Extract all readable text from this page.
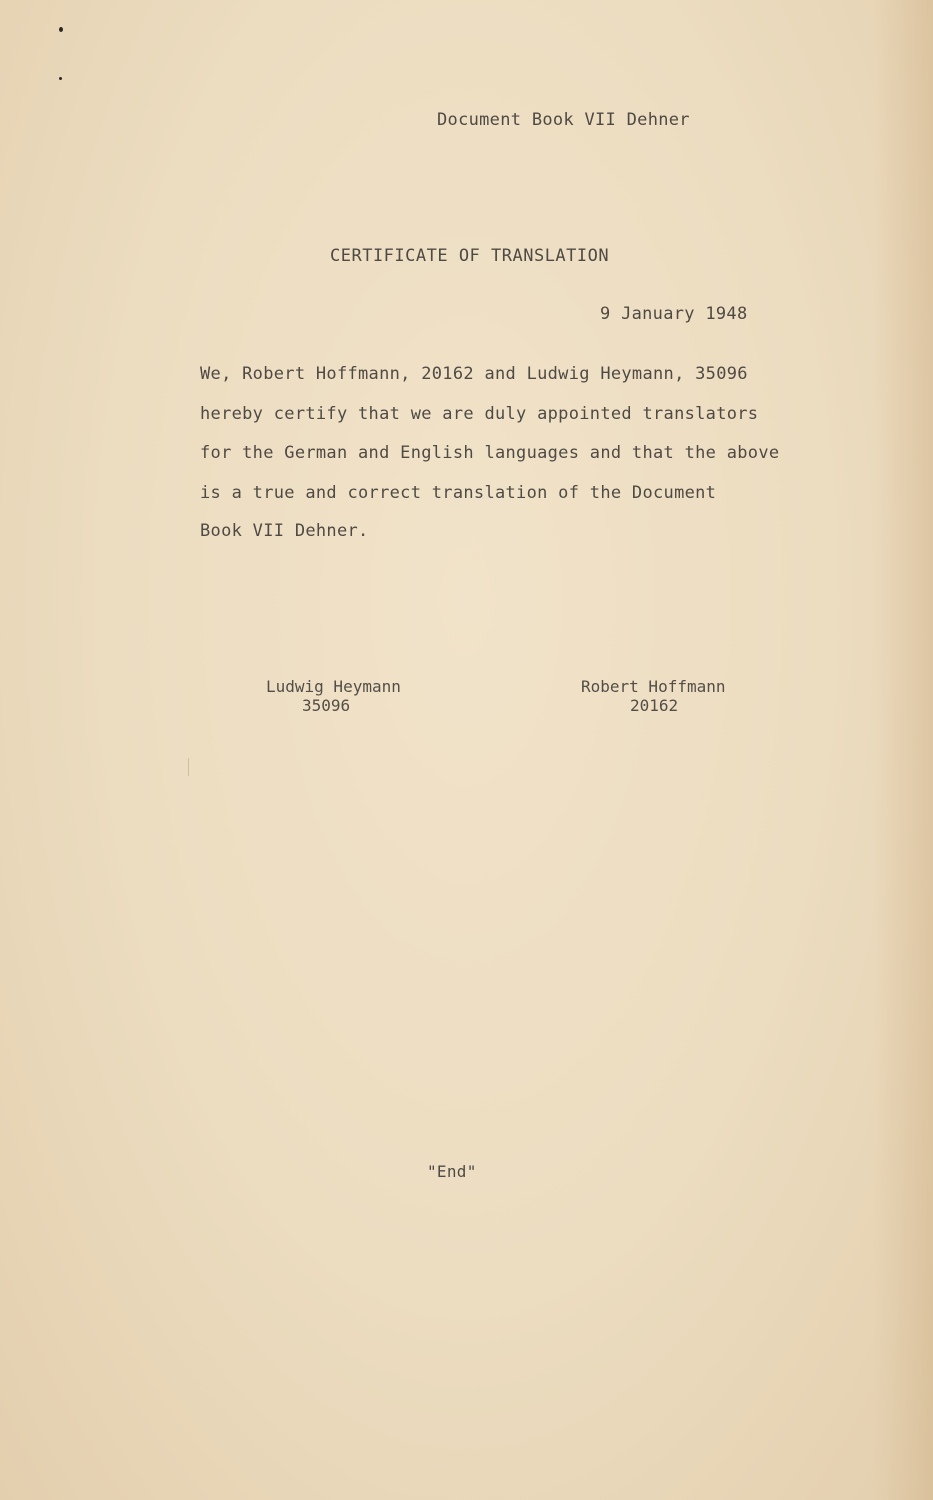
Document Book VII Dehner
CERTIFICATE OF TRANSLATION
9 January 1948
We, Robert Hoffmann, 20162 and Ludwig Heymann, 35096
hereby certify that we are duly appointed translators
for the German and English languages and that the above
is a true and correct translation of the Document
Book VII Dehner.
Ludwig Heymann
35096
Robert Hoffmann
20162
"End"
